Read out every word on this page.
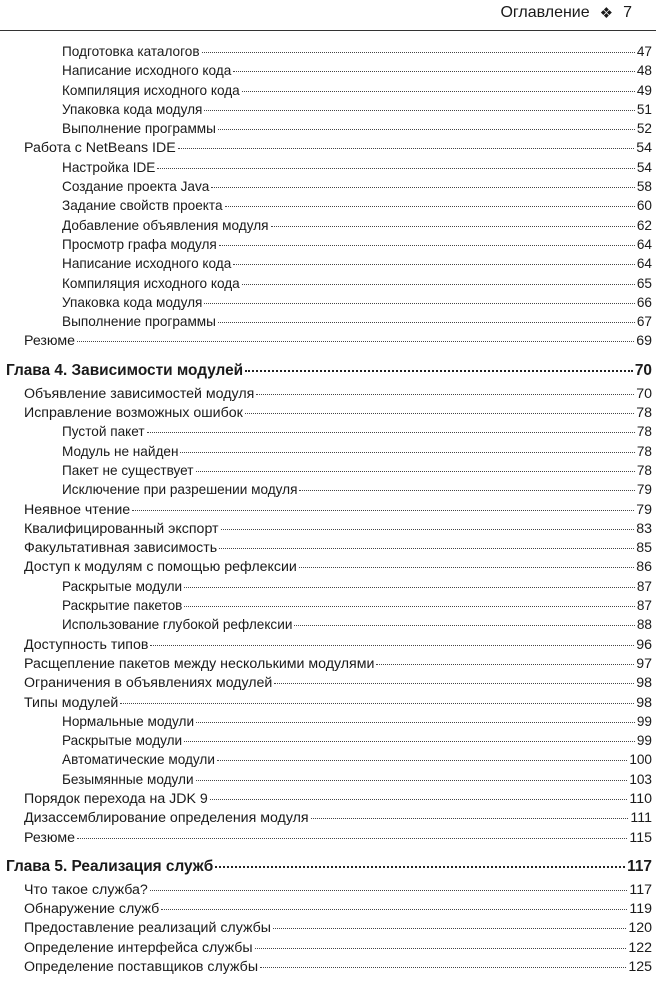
Оглавление ❖ 7
Подготовка каталогов	47
Написание исходного кода	48
Компиляция исходного кода	49
Упаковка кода модуля	51
Выполнение программы	52
Работа с NetBeans IDE	54
Настройка IDE	54
Создание проекта Java	58
Задание свойств проекта	60
Добавление объявления модуля	62
Просмотр графа модуля	64
Написание исходного кода	64
Компиляция исходного кода	65
Упаковка кода модуля	66
Выполнение программы	67
Резюме	69
Глава 4. Зависимости модулей	70
Объявление зависимостей модуля	70
Исправление возможных ошибок	78
Пустой пакет	78
Модуль не найден	78
Пакет не существует	78
Исключение при разрешении модуля	79
Неявное чтение	79
Квалифицированный экспорт	83
Факультативная зависимость	85
Доступ к модулям с помощью рефлексии	86
Раскрытые модули	87
Раскрытие пакетов	87
Использование глубокой рефлексии	88
Доступность типов	96
Расщепление пакетов между несколькими модулями	97
Ограничения в объявлениях модулей	98
Типы модулей	98
Нормальные модули	99
Раскрытые модули	99
Автоматические модули	100
Безымянные модули	103
Порядок перехода на JDK 9	110
Дизассемблирование определения модуля	111
Резюме	115
Глава 5. Реализация служб	117
Что такое служба?	117
Обнаружение служб	119
Предоставление реализаций службы	120
Определение интерфейса службы	122
Определение поставщиков службы	125
